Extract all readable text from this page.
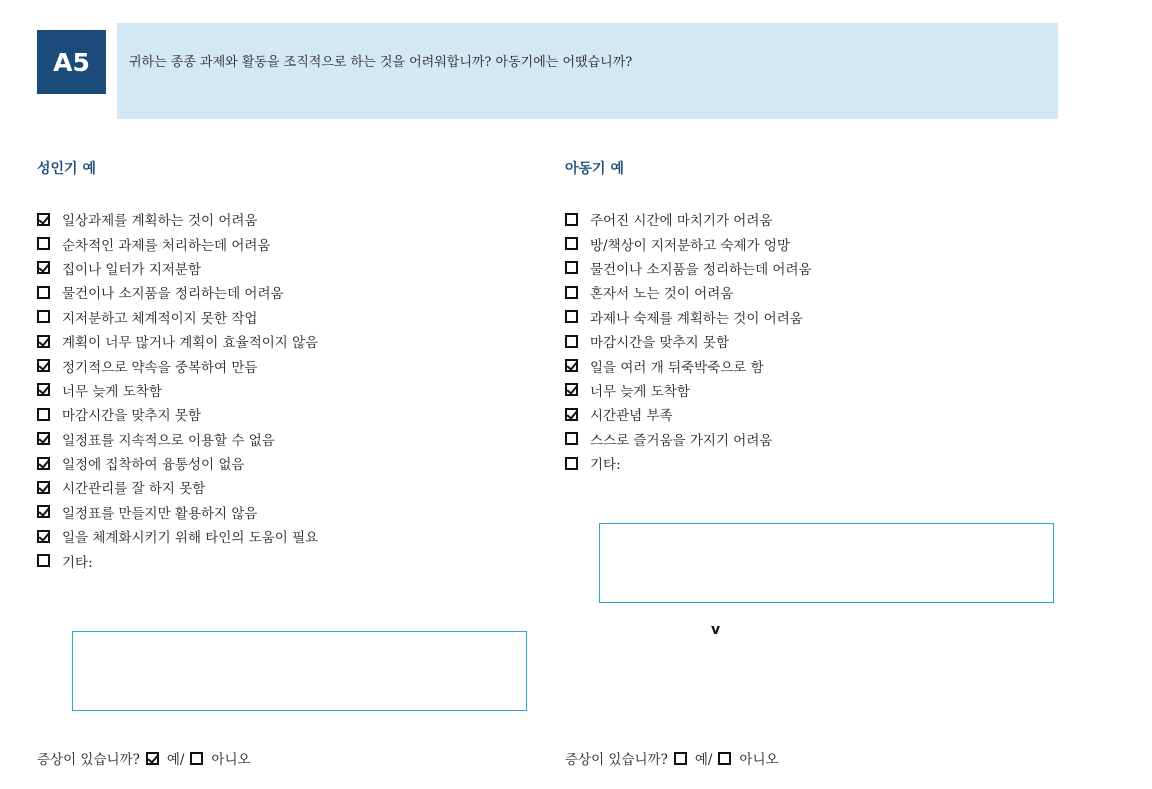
A5	귀하는 종종 과제와 활동을 조직적으로 하는 것을 어려워합니까? 아동기에는 어땠습니까?
성인기 예
일상과제를 계획하는 것이 어려움
순차적인 과제를 처리하는데 어려움
집이나 일터가 지저분함
물건이나 소지품을 정리하는데 어려움
지저분하고 체계적이지 못한 작업
계획이 너무 많거나 계획이 효율적이지 않음
정기적으로 약속을 중복하여 만듬
너무 늦게 도착함
마감시간을 맞추지 못함
일정표를 지속적으로 이용할 수 없음
일정에 집착하여 융통성이 없음
시간관리를 잘 하지 못함
일정표를 만들지만 활용하지 않음
일을 체계화시키기 위해 타인의 도움이 필요
기타:
아동기 예
주어진 시간에 마치기가 어려움
방/책상이 지저분하고 숙제가 엉망
물건이나 소지품을 정리하는데 어려움
혼자서 노는 것이 어려움
과제나 숙제를 계획하는 것이 어려움
마감시간을 맞추지 못함
일을 여러 개 뒤죽박죽으로 함
너무 늦게 도착함
시간관념 부족
스스로 즐거움을 가지기 어려움
기타:
v
증상이 있습니까? 예/ 아니오	증상이 있습니까? 예/ 아니오
